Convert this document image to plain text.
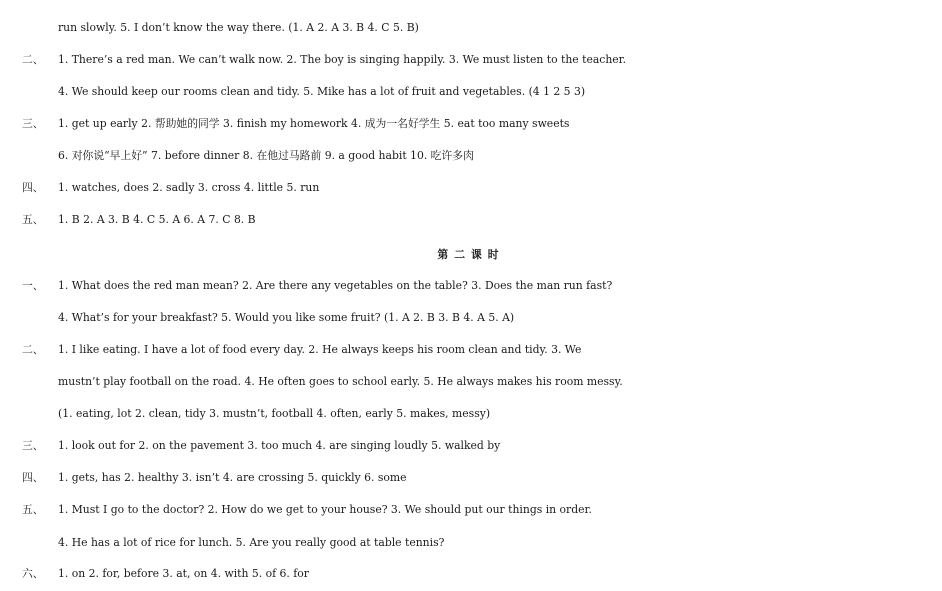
run slowly. 5. I don’t know the way there. (1. A 2. A 3. B 4. C 5. B)
二、 1. There’s a red man. We can’t walk now. 2. The boy is singing happily. 3. We must listen to the teacher.
4. We should keep our rooms clean and tidy. 5. Mike has a lot of fruit and vegetables. (4 1 2 5 3)
三、 1. get up early 2. 帮助她的同学 3. finish my homework 4. 成为一名好学生 5. eat too many sweets
6. 对你说“早上好” 7. before dinner 8. 在他过马路前 9. a good habit 10. 吃许多肉
四、 1. watches, does 2. sadly 3. cross 4. little 5. run
五、 1. B 2. A 3. B 4. C 5. A 6. A 7. C 8. B
第二课时
一、 1. What does the red man mean? 2. Are there any vegetables on the table? 3. Does the man run fast?
4. What’s for your breakfast? 5. Would you like some fruit? (1. A 2. B 3. B 4. A 5. A)
二、 1. I like eating. I have a lot of food every day. 2. He always keeps his room clean and tidy. 3. We
mustn’t play football on the road. 4. He often goes to school early. 5. He always makes his room messy.
(1. eating, lot 2. clean, tidy 3. mustn’t, football 4. often, early 5. makes, messy)
三、 1. look out for 2. on the pavement 3. too much 4. are singing loudly 5. walked by
四、 1. gets, has 2. healthy 3. isn’t 4. are crossing 5. quickly 6. some
五、 1. Must I go to the doctor? 2. How do we get to your house? 3. We should put our things in order.
4. He has a lot of rice for lunch. 5. Are you really good at table tennis?
六、 1. on 2. for, before 3. at, on 4. with 5. of 6. for
